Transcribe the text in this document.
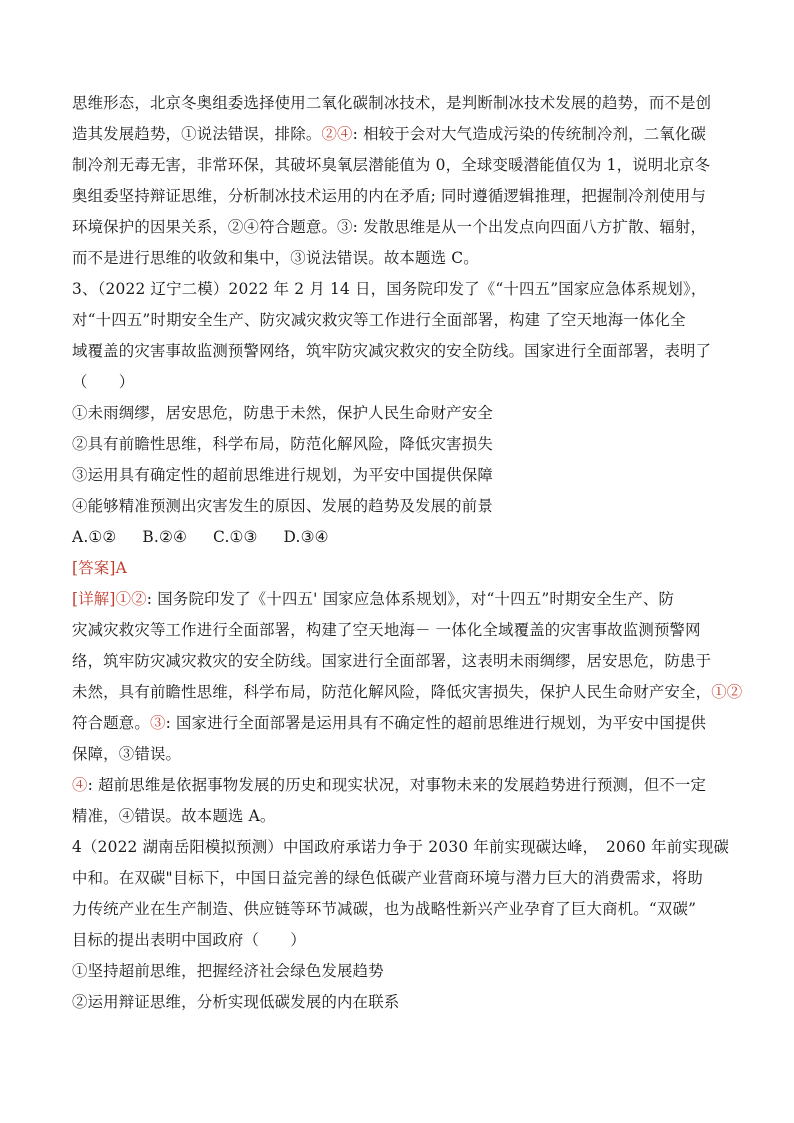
思维形态，北京冬奥组委选择使用二氧化碳制冰技术，是判断制冰技术发展的趋势，而不是创

造其发展趋势，①说法错误，排除。②④: 相较于会对大气造成污染的传统制冷剂，二氧化碳

制冷剂无毒无害，非常环保，其破坏臭氧层潜能值为 0，全球变暖潜能值仅为 1，说明北京冬

奥组委坚持辩证思维，分析制冰技术运用的内在矛盾; 同时遵循逻辑推理，把握制冷剂使用与

环境保护的因果关系，②④符合题意。③: 发散思维是从一个出发点向四面八方扩散、辐射，

而不是进行思维的收敛和集中，③说法错误。故本题选 C。

3、（2022 辽宁二模）2022 年 2 月 14 日，国务院印发了《“十四五”国家应急体系规划》，

对“十四五”时期安全生产、防灾减灾救灾等工作进行全面部署，构建 了空天地海一体化全

域覆盖的灾害事故监测预警网络，筑牢防灾减灾救灾的安全防线。国家进行全面部署，表明了

（　　）

①未雨绸缪，居安思危，防患于未然，保护人民生命财产安全

②具有前瞻性思维，科学布局，防范化解风险，降低灾害损失

③运用具有确定性的超前思维进行规划，为平安中国提供保障

④能够精准预测出灾害发生的原因、发展的趋势及发展的前景

A.①② B.②④ C.①③ D.③④

[答案]A

[详解]①②: 国务院印发了《十四五' 国家应急体系规划》，对“十四五”时期安全生产、防

灾减灾救灾等工作进行全面部署，构建了空天地海－ 一体化全域覆盖的灾害事故监测预警网

络，筑牢防灾减灾救灾的安全防线。国家进行全面部署，这表明未雨绸缪，居安思危，防患于

未然，具有前瞻性思维，科学布局，防范化解风险，降低灾害损失，保护人民生命财产安全，①②

符合题意。③: 国家进行全面部署是运用具有不确定性的超前思维进行规划，为平安中国提供

保障，③错误。

④: 超前思维是依据事物发展的历史和现实状况，对事物未来的发展趋势进行预测，但不一定

精准，④错误。故本题选 A。

4（2022 湖南岳阳模拟预测）中国政府承诺力争于 2030 年前实现碳达峰，　2060 年前实现碳

中和。在双碳"目标下，中国日益完善的绿色低碳产业营商环境与潜力巨大的消费需求，将助

力传统产业在生产制造、供应链等环节减碳，也为战略性新兴产业孕育了巨大商机。“双碳”

目标的提出表明中国政府（　　）

①坚持超前思维，把握经济社会绿色发展趋势

②运用辩证思维，分析实现低碳发展的内在联系
